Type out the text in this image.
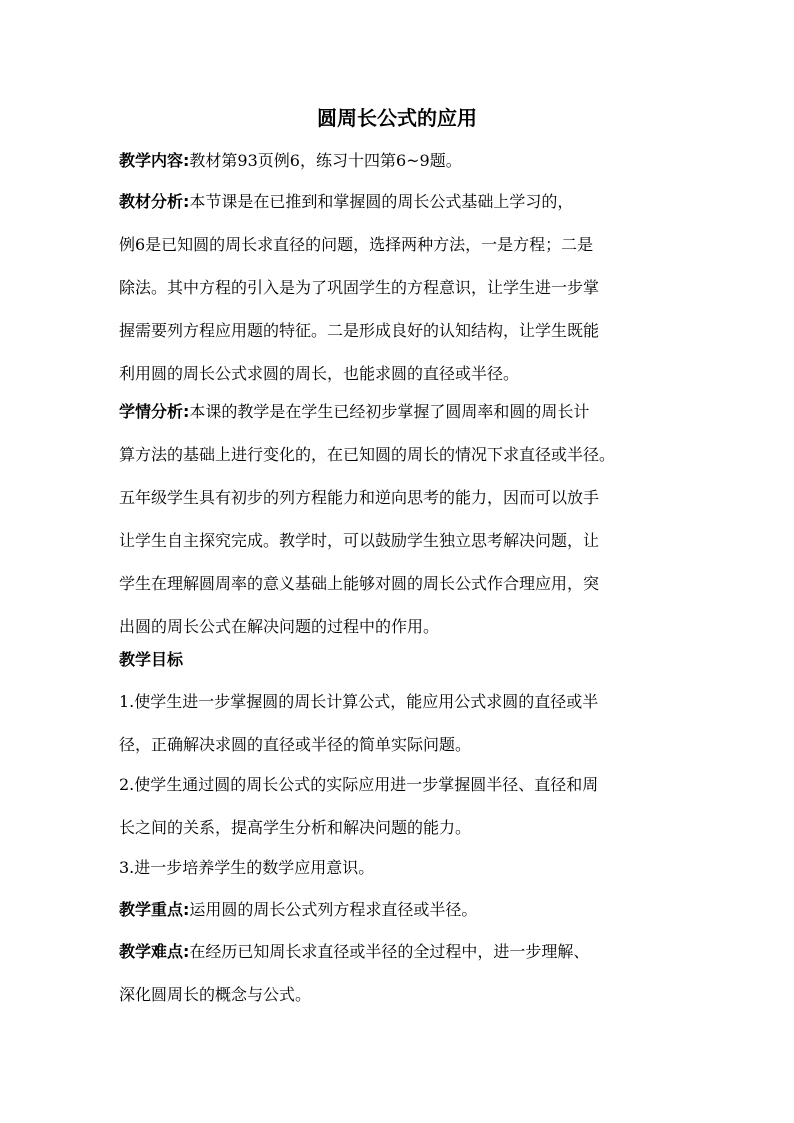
圆周长公式的应用
教学内容:教材第93页例6，练习十四第6~9题。
教材分析:本节课是在已推到和掌握圆的周长公式基础上学习的，
例6是已知圆的周长求直径的问题，选择两种方法，一是方程；二是
除法。其中方程的引入是为了巩固学生的方程意识，让学生进一步掌
握需要列方程应用题的特征。二是形成良好的认知结构，让学生既能
利用圆的周长公式求圆的周长，也能求圆的直径或半径。
学情分析:本课的教学是在学生已经初步掌握了圆周率和圆的周长计
算方法的基础上进行变化的，在已知圆的周长的情况下求直径或半径。
五年级学生具有初步的列方程能力和逆向思考的能力，因而可以放手
让学生自主探究完成。教学时，可以鼓励学生独立思考解决问题，让
学生在理解圆周率的意义基础上能够对圆的周长公式作合理应用，突
出圆的周长公式在解决问题的过程中的作用。
教学目标
1.使学生进一步掌握圆的周长计算公式，能应用公式求圆的直径或半
径，正确解决求圆的直径或半径的简单实际问题。
2.使学生通过圆的周长公式的实际应用进一步掌握圆半径、直径和周
长之间的关系，提高学生分析和解决问题的能力。
3.进一步培养学生的数学应用意识。
教学重点:运用圆的周长公式列方程求直径或半径。
教学难点:在经历已知周长求直径或半径的全过程中，进一步理解、
深化圆周长的概念与公式。
